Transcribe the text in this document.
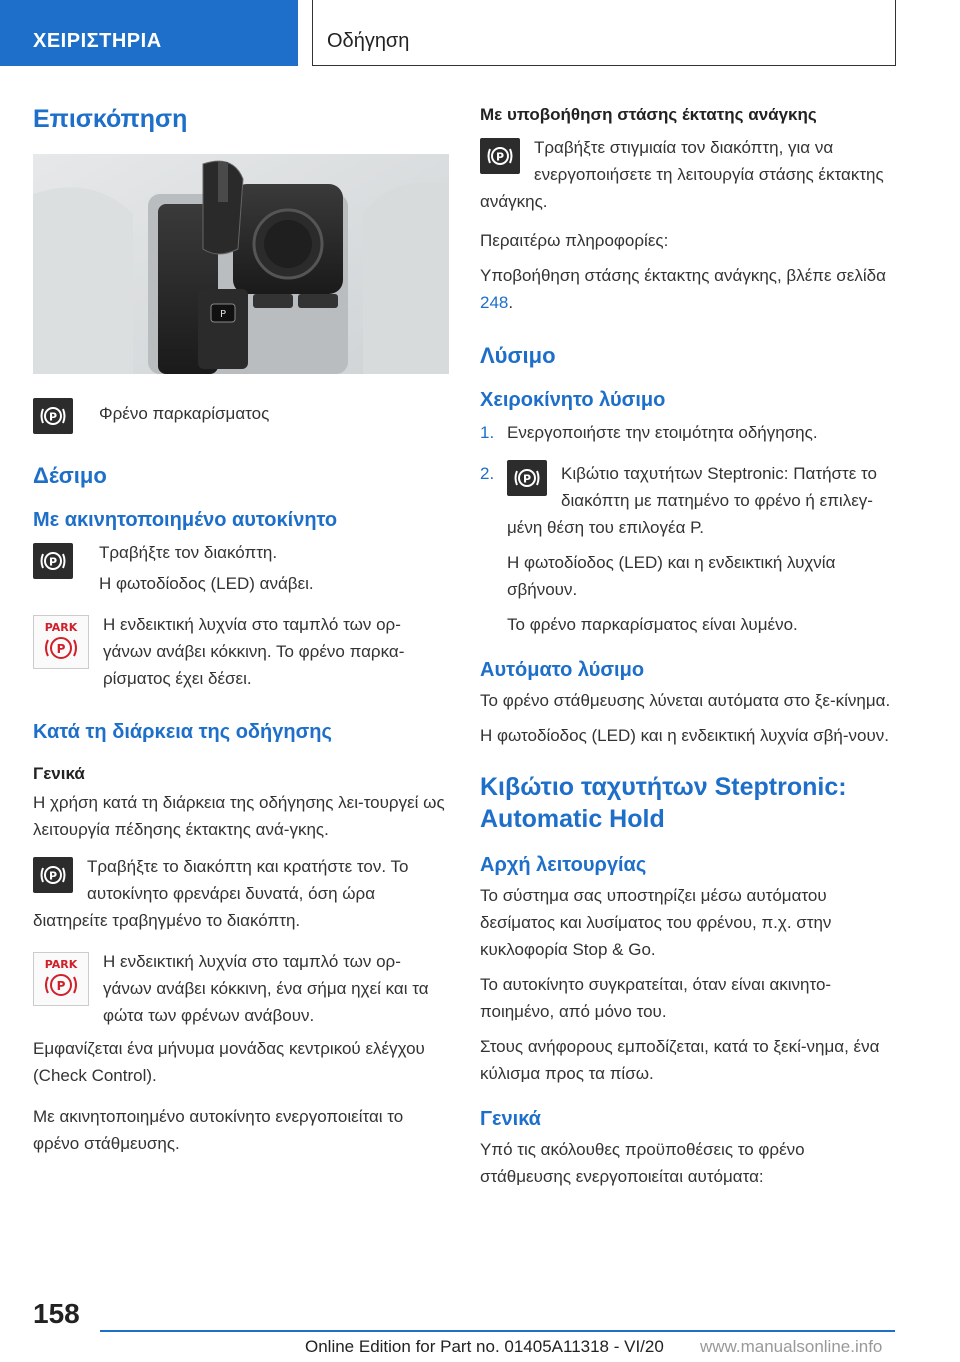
ΧΕΙΡΙΣΤΗΡΙΑ	Οδήγηση
Επισκόπηση
P
P Φρένο παρκαρίσματος

Δέσιμο
Με ακινητοποιημένο αυτοκίνητο
P Τραβήξτε τον διακόπτη.

Η φωτοδίοδος (LED) ανάβει.

PARK
P

Η ενδεικτική λυχνία στο ταμπλό των ορ‐γάνων ανάβει κόκκινη. Το φρένο παρκα‐ρίσματος έχει δέσει.

Κατά τη διάρκεια της οδήγησης
Γενικά

Η χρήση κατά τη διάρκεια της οδήγησης λει‐τουργεί ως λειτουργία πέδησης έκτακτης ανά‐γκης.

P	Τραβήξτε το διακόπτη και κρατήστε τον. Το αυτοκίνητο φρενάρει δυνατά, όση ώρα διατηρείτε τραβηγμένο το διακόπτη.

PARK
P

Η ενδεικτική λυχνία στο ταμπλό των ορ‐γάνων ανάβει κόκκινη, ένα σήμα ηχεί και τα φώτα των φρένων ανάβουν.

Εμφανίζεται ένα μήνυμα μονάδας κεντρικού ελέγχου (Check Control).

Με ακινητοποιημένο αυτοκίνητο ενεργοποιείται το φρένο στάθμευσης.

Με υποβοήθηση στάσης έκτατης ανάγκης
P	Τραβήξτε στιγμιαία τον διακόπτη, για να ενεργοποιήσετε τη λειτουργία στάσης έκτακτης ανάγκης.

Περαιτέρω πληροφορίες:

Υποβοήθηση στάσης έκτακτης ανάγκης, βλέπε σελίδα 248.

Λύσιμο
Χειροκίνητο λύσιμο
1. Ενεργοποιήστε την ετοιμότητα οδήγησης.
2.	P Κιβώτιο ταχυτήτων Steptronic: Πατήστε το διακόπτη με πατημένο το φρένο ή επιλεγ‐μένη θέση του επιλογέα P.

Η φωτοδίοδος (LED) και η ενδεικτική λυχνία σβήνουν.

Το φρένο παρκαρίσματος είναι λυμένο.

Αυτόματο λύσιμο

Το φρένο στάθμευσης λύνεται αυτόματα στο ξε‐κίνημα.

Η φωτοδίοδος (LED) και η ενδεικτική λυχνία σβή‐νουν.

Κιβώτιο ταχυτήτων Steptronic: Automatic Hold
Αρχή λειτουργίας

Το σύστημα σας υποστηρίζει μέσω αυτόματου δεσίματος και λυσίματος του φρένου, π.χ. στην κυκλοφορία Stop & Go.

Το αυτοκίνητο συγκρατείται, όταν είναι ακινητο‐ποιημένο, από μόνο του.

Στους ανήφορους εμποδίζεται, κατά το ξεκί‐νημα, ένα κύλισμα προς τα πίσω.

Γενικά

Υπό τις ακόλουθες προϋποθέσεις το φρένο στάθμευσης ενεργοποιείται αυτόματα:

158
Online Edition for Part no. 01405A11318 - VI/20 www.manualsonline.info
